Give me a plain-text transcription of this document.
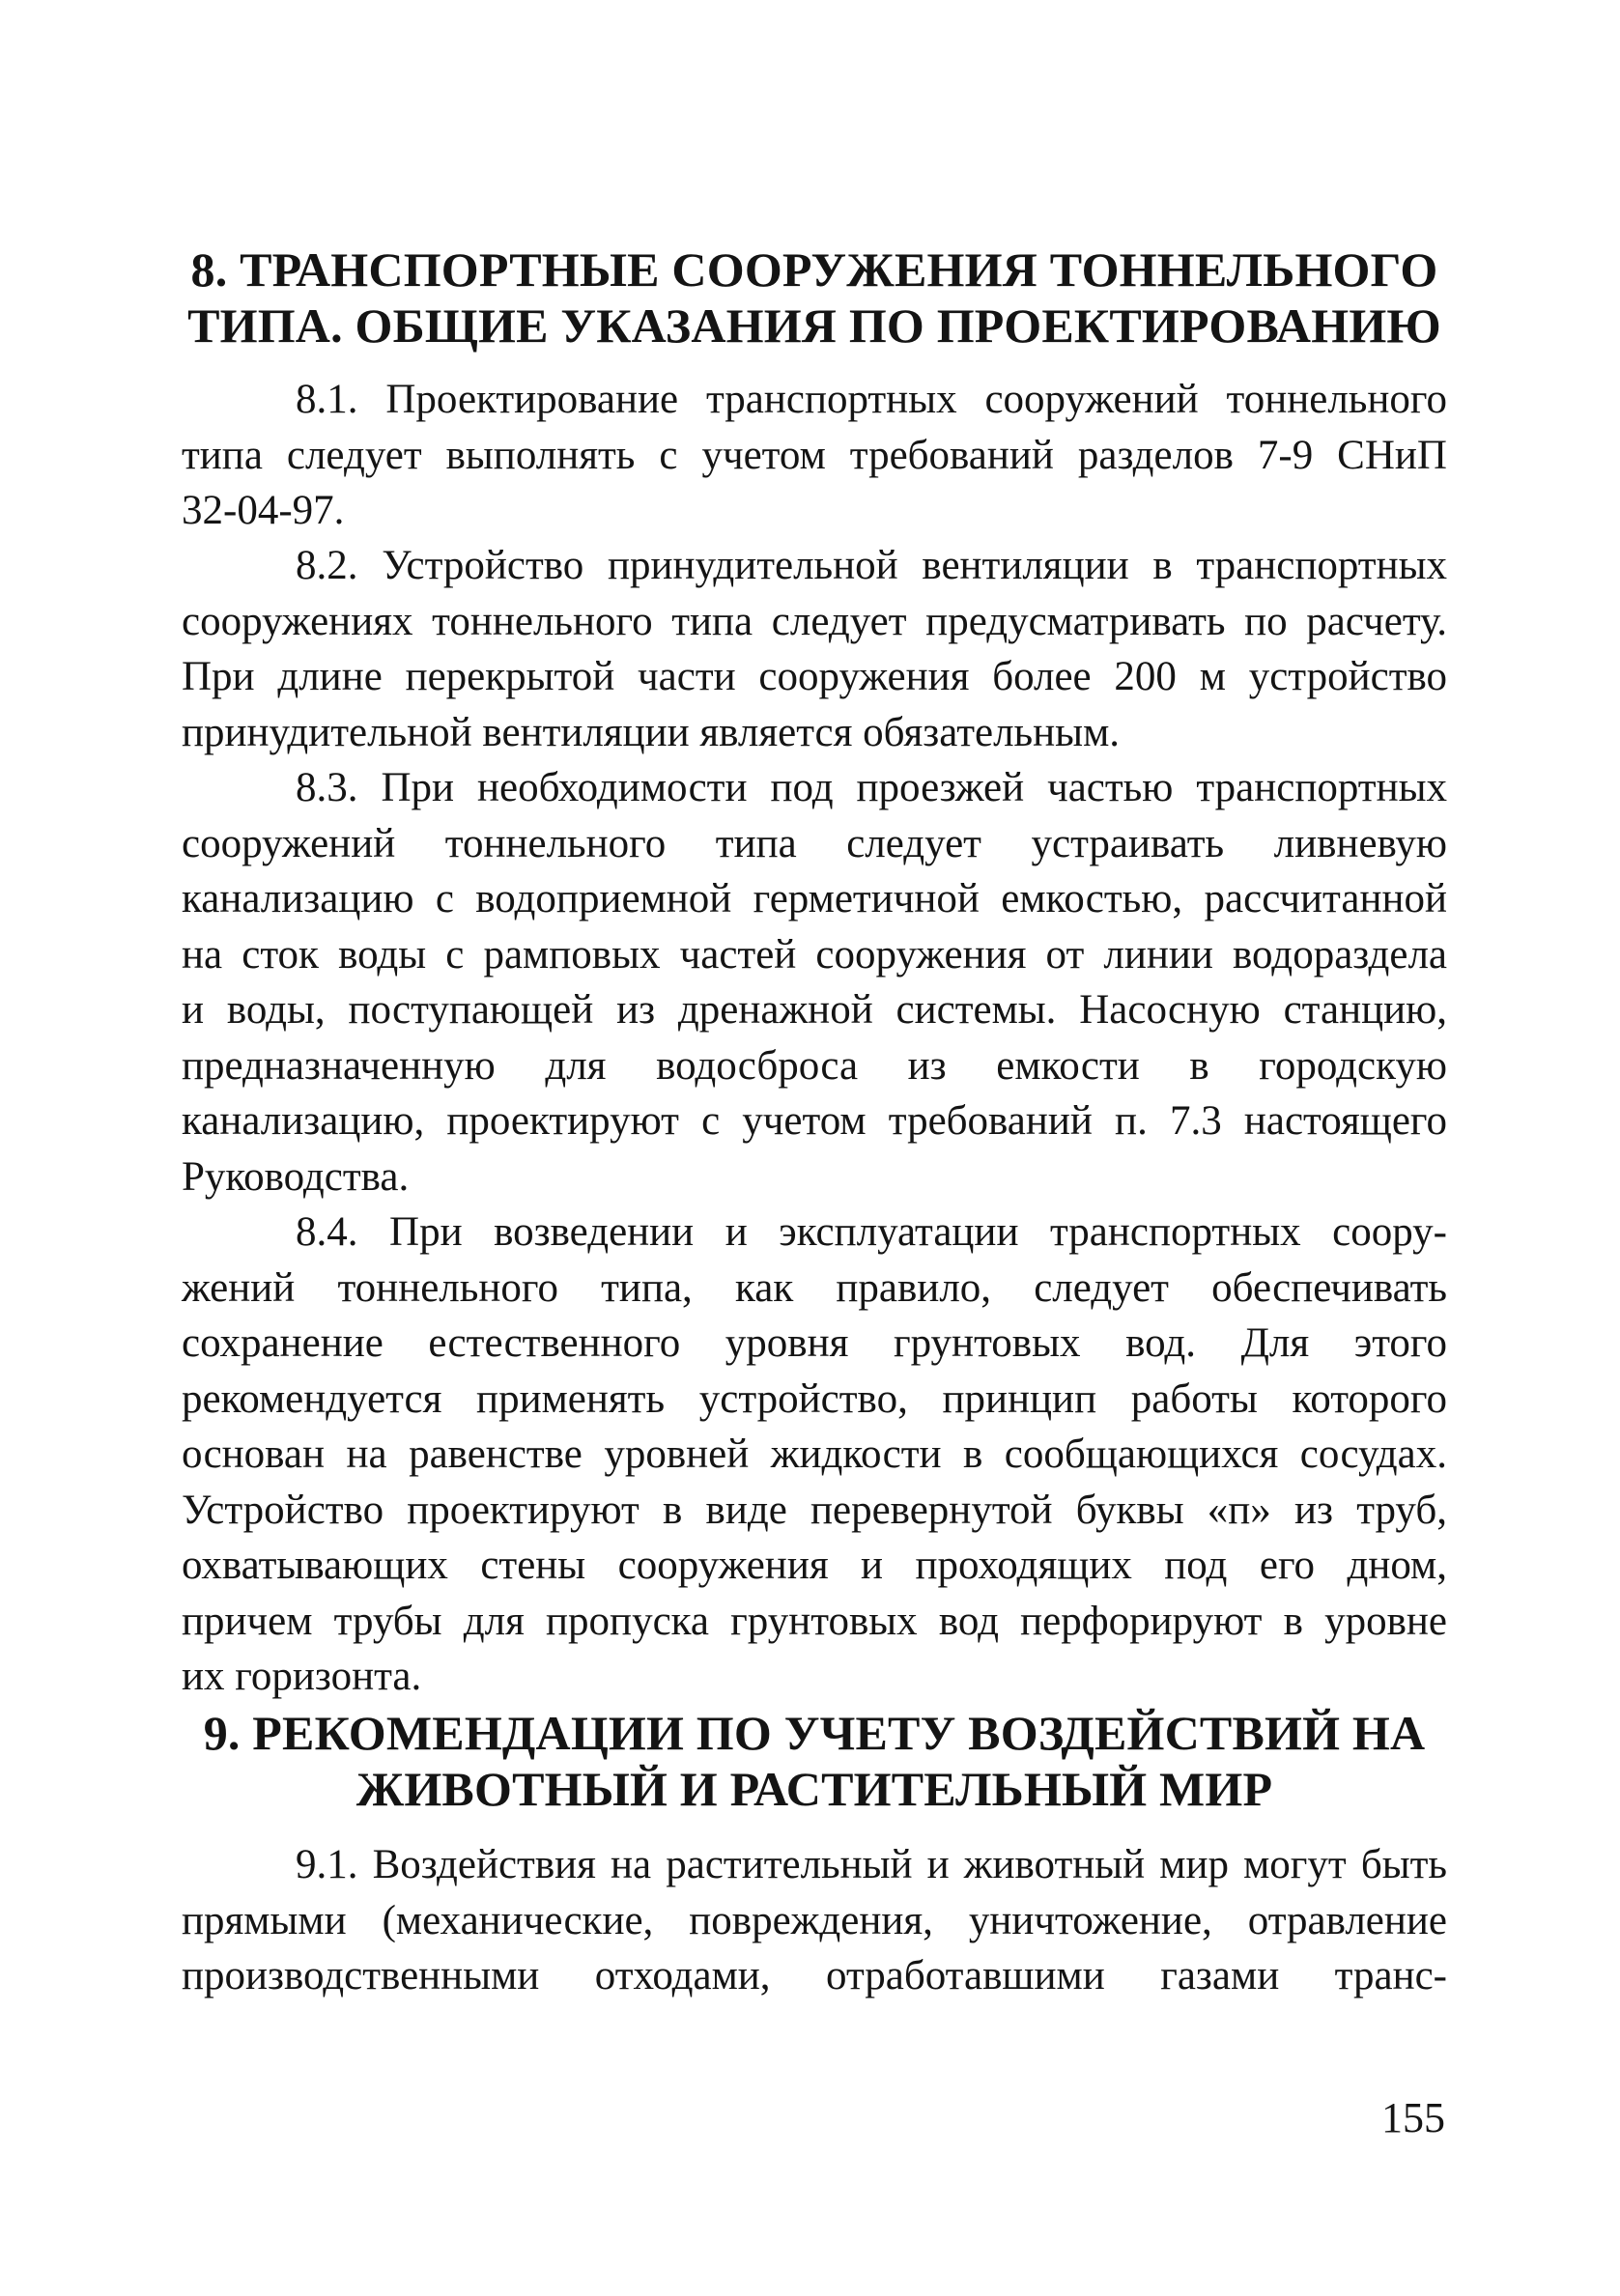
8. ТРАНСПОРТНЫЕ СООРУЖЕНИЯ ТОННЕЛЬНОГО
ТИПА. ОБЩИЕ УКАЗАНИЯ ПО ПРОЕКТИРОВАНИЮ

8.1. Проектирование транспортных сооружений тоннельного
типа следует выполнять с учетом требований разделов 7-9 СНиП
32-04-97.

8.2. Устройство принудительной вентиляции в транспортных
сооружениях тоннельного типа следует предусматривать по расчету.
При длине перекрытой части сооружения более 200 м устройство
принудительной вентиляции является обязательным.

8.3. При необходимости под проезжей частью транспортных
сооружений тоннельного типа следует устраивать ливневую
канализацию с водоприемной герметичной емкостью, рассчитанной
на сток воды с рамповых частей сооружения от линии водораздела
и воды, поступающей из дренажной системы. Насосную станцию,
предназначенную для водосброса из емкости в городскую
канализацию, проектируют с учетом требований п. 7.3 настоящего
Руководства.

8.4. При возведении и эксплуатации транспортных соору-
жений тоннельного типа, как правило, следует обеспечивать
сохранение естественного уровня грунтовых вод. Для этого
рекомендуется применять устройство, принцип работы которого
основан на равенстве уровней жидкости в сообщающихся сосудах.
Устройство проектируют в виде перевернутой буквы «п» из труб,
охватывающих стены сооружения и проходящих под его дном,
причем трубы для пропуска грунтовых вод перфорируют в уровне
их горизонта.

9. РЕКОМЕНДАЦИИ ПО УЧЕТУ ВОЗДЕЙСТВИЙ НА
ЖИВОТНЫЙ И РАСТИТЕЛЬНЫЙ МИР

9.1. Воздействия на растительный и животный мир могут быть
прямыми (механические, повреждения, уничтожение, отравление
производственными отходами, отработавшими газами транс-

155
